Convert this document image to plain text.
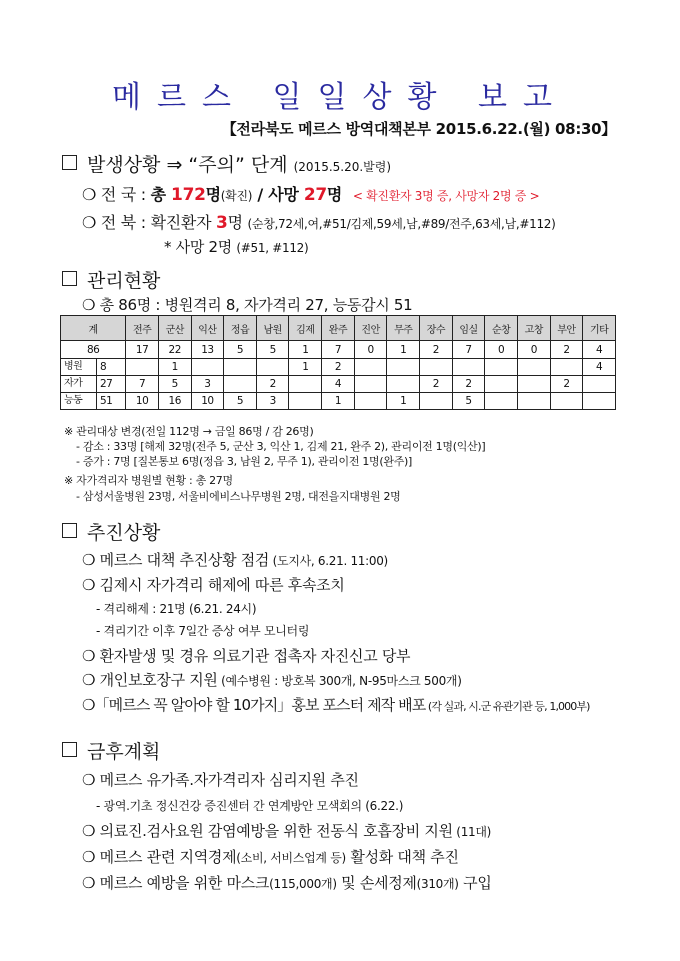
메르스 일일상황 보고
【전라북도 메르스 방역대책본부 2015.6.22.(월) 08:30】
발생상황 ⇒ “주의” 단계 (2015.5.20.발령)
❍ 전 국 : 총 172명(확진) / 사망 27명 < 확진환자 3명 증, 사망자 2명 증 >
❍ 전 북 : 확진환자 3명 (순창,72세,여,#51/김제,59세,남,#89/전주,63세,남,#112)
* 사망 2명 (#51, #112)
관리현황
❍ 총 86명 : 병원격리 8, 자가격리 27, 능동감시 51
계	전주	군산	익산	정읍	남원	김제	완주	진안	무주	장수	임실	순창	고창	부안	기타
86	17	22	13	5	5	1	7	0	1	2	7	0	0	2	4

병원 8		1				1	2								4

자가 27	7	5	3		2		4			2	2			2	

능동 51	10	16	10	5	3		1		1		5				
※ 관리대상 변경(전일 112명 → 금일 86명 / 감 26명)
- 감소 : 33명 [해제 32명(전주 5, 군산 3, 익산 1, 김제 21, 완주 2), 관리이전 1명(익산)]
- 증가 : 7명 [질본통보 6명(정읍 3, 남원 2, 무주 1), 관리이전 1명(완주)]
※ 자가격리자 병원별 현황 : 총 27명
- 삼성서울병원 23명, 서울비에비스나무병원 2명, 대전을지대병원 2명
추진상황
❍ 메르스 대책 추진상황 점검 (도지사, 6.21. 11:00)
❍ 김제시 자가격리 해제에 따른 후속조치
- 격리해제 : 21명 (6.21. 24시)
- 격리기간 이후 7일간 증상 여부 모니터링
❍ 환자발생 및 경유 의료기관 접촉자 자진신고 당부
❍ 개인보호장구 지원 (예수병원 : 방호복 300개, N-95마스크 500개)
❍「메르스 꼭 알아야 할 10가지」홍보 포스터 제작 배포 (각 실과, 시.군 유관기관 등, 1,000부)
금후계획
❍ 메르스 유가족.자가격리자 심리지원 추진
- 광역.기초 정신건강 증진센터 간 연계방안 모색회의 (6.22.)
❍ 의료진.검사요원 감염예방을 위한 전동식 호흡장비 지원 (11대)
❍ 메르스 관련 지역경제(소비, 서비스업계 등) 활성화 대책 추진
❍ 메르스 예방을 위한 마스크(115,000개) 및 손세정제(310개) 구입
